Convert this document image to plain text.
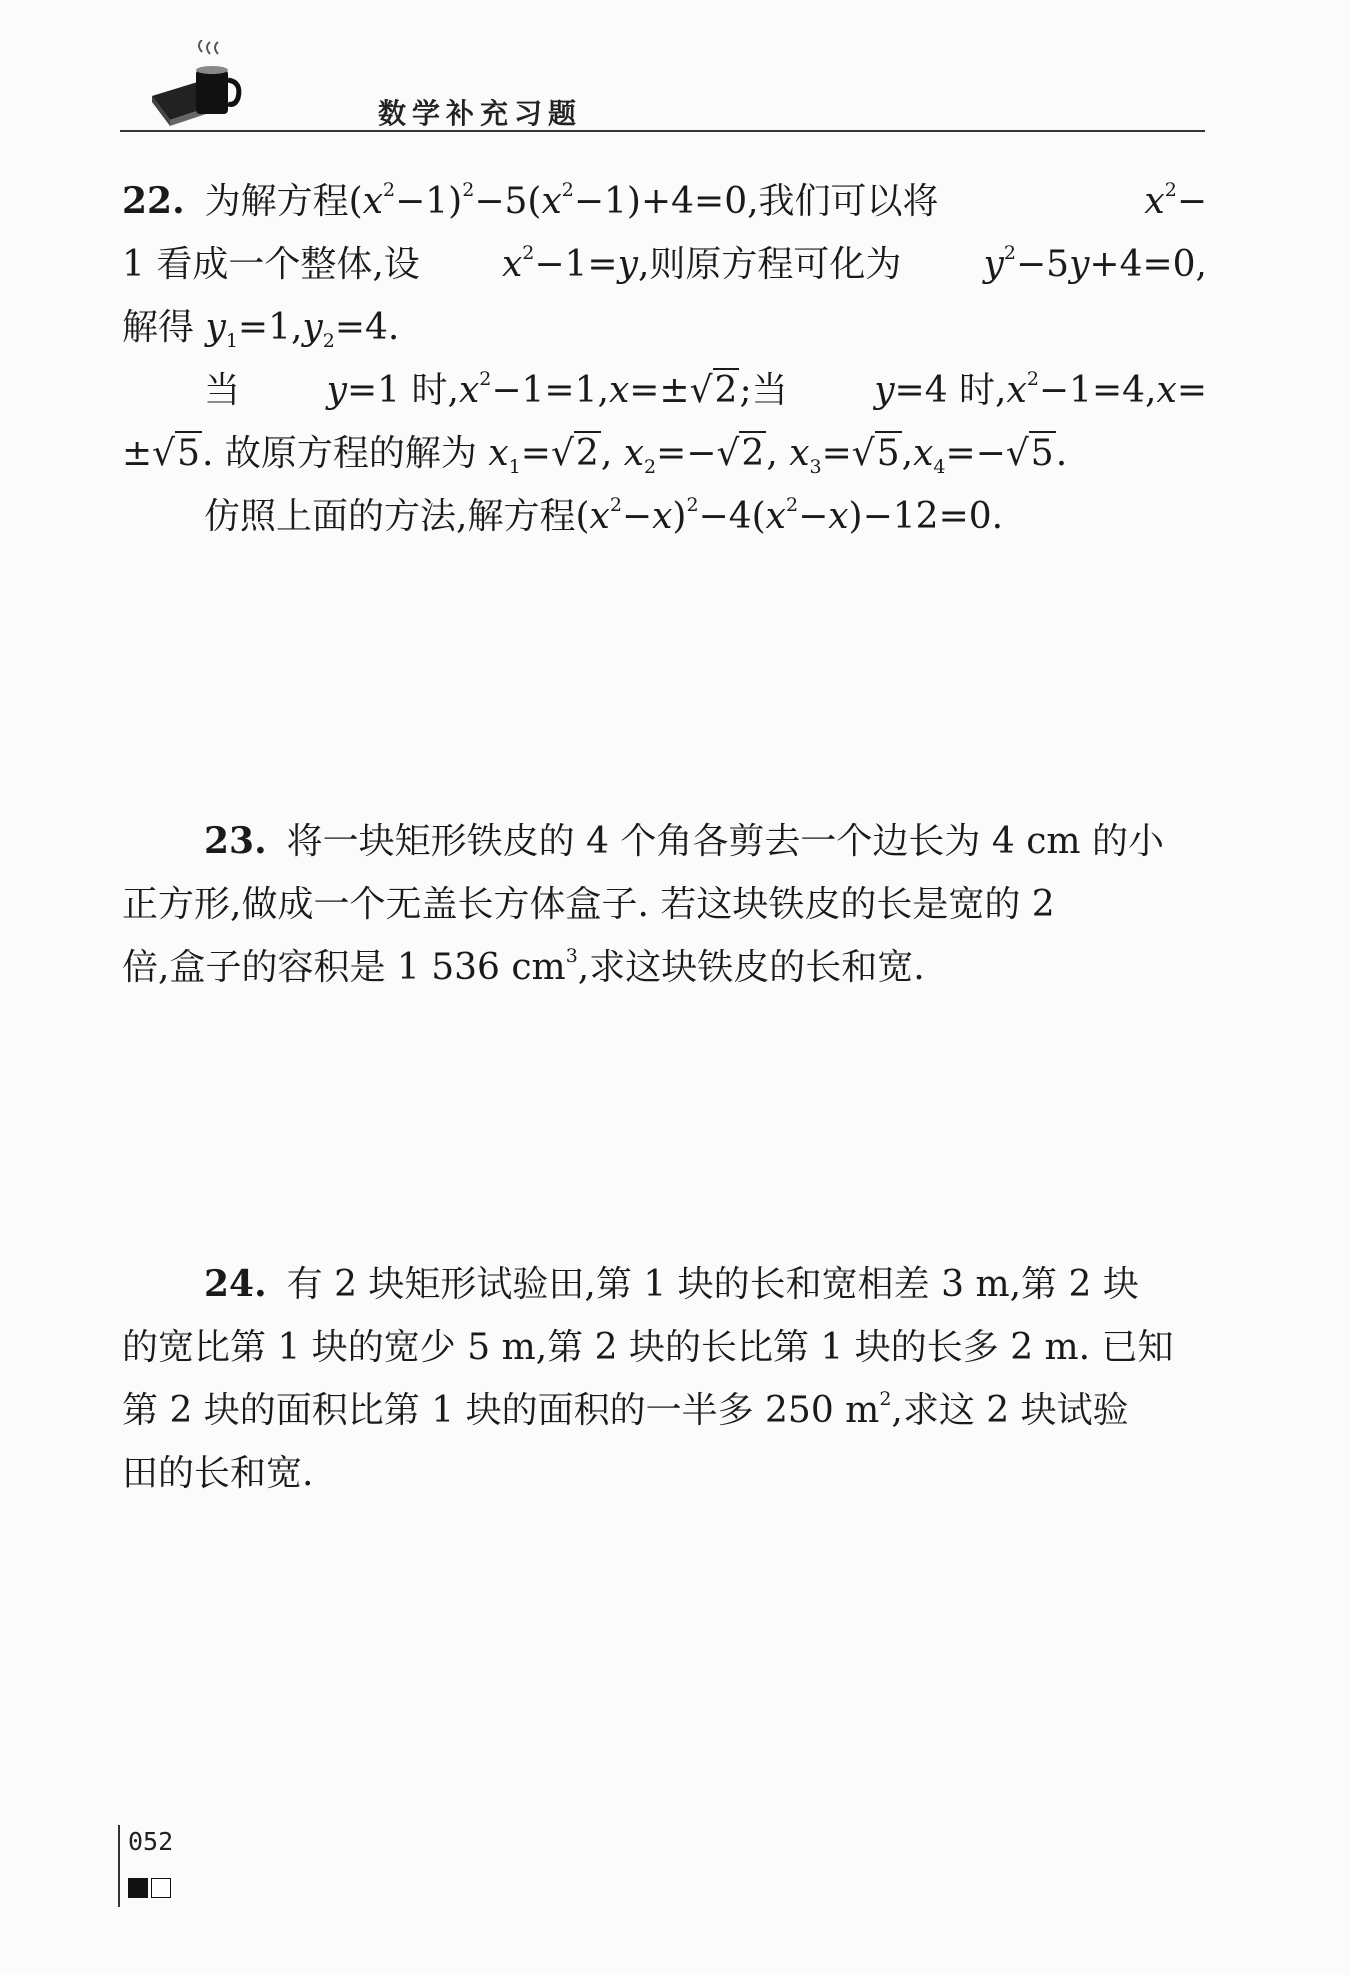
数学补充习题
22. 为解方程$(x^2-1)^2-5(x^2-1)+4=0$,我们可以将	$x^2-$
1 看成一个整体,设 $x^2-1=y$,则原方程可化为 $y^2-5y+4=0$,
解得 $y_1=1,y_2=4$.
当 y=1 时$,x^2-1=1,x=\pm√2$;当 y=4 时$,x^2-1=4,x=$
±√5. 故原方程的解为 $x_1=√2$, $x_2=-√2$, $x_3=√5,x_4=-√5$.
仿照上面的方法,解方程$(x^2-x)^2-4(x^2-x)-12=0$.
23. 将一块矩形铁皮的 4 个角各剪去一个边长为 4 cm 的小
正方形,做成一个无盖长方体盒子. 若这块铁皮的长是宽的 2
倍,盒子的容积是 1 536 $cm^3$,求这块铁皮的长和宽.
24. 有 2 块矩形试验田,第 1 块的长和宽相差 3 m,第 2 块
的宽比第 1 块的宽少 5 m,第 2 块的长比第 1 块的长多 2 m. 已知
第 2 块的面积比第 1 块的面积的一半多 250 $m^2$,求这 2 块试验
田的长和宽.
052
